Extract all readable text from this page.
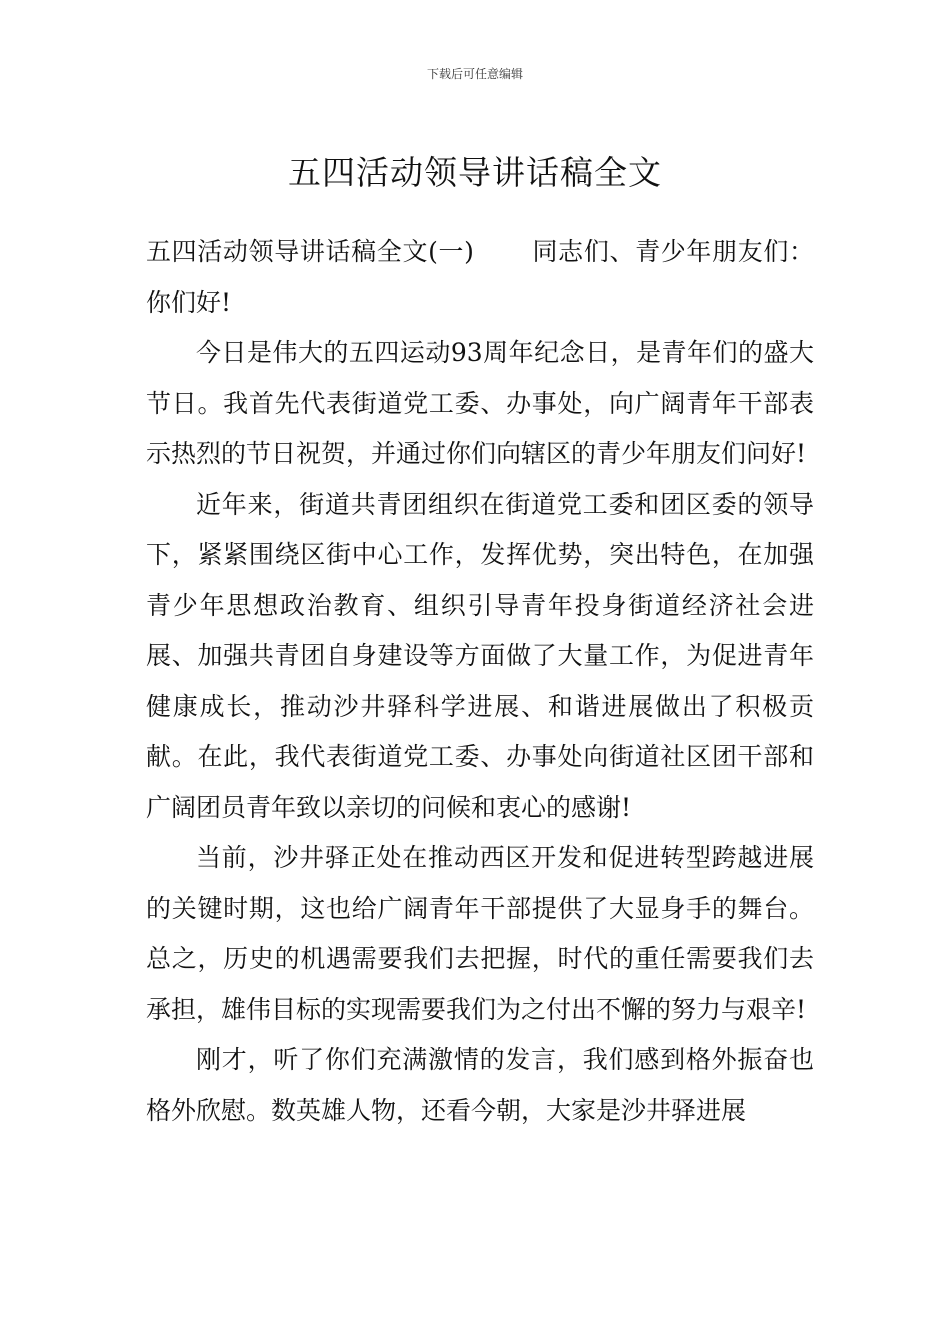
下载后可任意编辑
五四活动领导讲话稿全文

五四活动领导讲话稿全文(一) 同志们、青少年朋友们：你们好!

今日是伟大的五四运动93周年纪念日，是青年们的盛大节日。我首先代表街道党工委、办事处，向广阔青年干部表示热烈的节日祝贺，并通过你们向辖区的青少年朋友们问好!

近年来，街道共青团组织在街道党工委和团区委的领导下，紧紧围绕区街中心工作，发挥优势，突出特色，在加强青少年思想政治教育、组织引导青年投身街道经济社会进展、加强共青团自身建设等方面做了大量工作，为促进青年健康成长，推动沙井驿科学进展、和谐进展做出了积极贡献。在此，我代表街道党工委、办事处向街道社区团干部和广阔团员青年致以亲切的问候和衷心的感谢!

当前，沙井驿正处在推动西区开发和促进转型跨越进展的关键时期，这也给广阔青年干部提供了大显身手的舞台。总之，历史的机遇需要我们去把握，时代的重任需要我们去承担，雄伟目标的实现需要我们为之付出不懈的努力与艰辛!

刚才，听了你们充满激情的发言，我们感到格外振奋也格外欣慰。数英雄人物，还看今朝，大家是沙井驿进展
